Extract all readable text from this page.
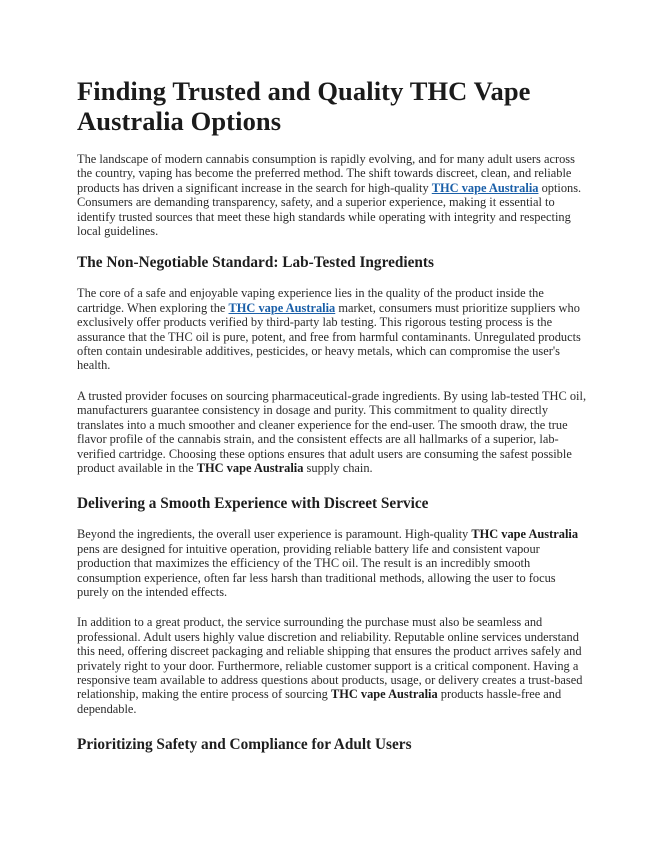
Finding Trusted and Quality THC Vape Australia Options

The landscape of modern cannabis consumption is rapidly evolving, and for many adult users across the country, vaping has become the preferred method. The shift towards discreet, clean, and reliable products has driven a significant increase in the search for high-quality THC vape Australia options. Consumers are demanding transparency, safety, and a superior experience, making it essential to identify trusted sources that meet these high standards while operating with integrity and respecting local guidelines.

The Non-Negotiable Standard: Lab-Tested Ingredients

The core of a safe and enjoyable vaping experience lies in the quality of the product inside the cartridge. When exploring the THC vape Australia market, consumers must prioritize suppliers who exclusively offer products verified by third-party lab testing. This rigorous testing process is the assurance that the THC oil is pure, potent, and free from harmful contaminants. Unregulated products often contain undesirable additives, pesticides, or heavy metals, which can compromise the user's health.

A trusted provider focuses on sourcing pharmaceutical-grade ingredients. By using lab-tested THC oil, manufacturers guarantee consistency in dosage and purity. This commitment to quality directly translates into a much smoother and cleaner experience for the end-user. The smooth draw, the true flavor profile of the cannabis strain, and the consistent effects are all hallmarks of a superior, lab-verified cartridge. Choosing these options ensures that adult users are consuming the safest possible product available in the THC vape Australia supply chain.

Delivering a Smooth Experience with Discreet Service

Beyond the ingredients, the overall user experience is paramount. High-quality THC vape Australia pens are designed for intuitive operation, providing reliable battery life and consistent vapour production that maximizes the efficiency of the THC oil. The result is an incredibly smooth consumption experience, often far less harsh than traditional methods, allowing the user to focus purely on the intended effects.

In addition to a great product, the service surrounding the purchase must also be seamless and professional. Adult users highly value discretion and reliability. Reputable online services understand this need, offering discreet packaging and reliable shipping that ensures the product arrives safely and privately right to your door. Furthermore, reliable customer support is a critical component. Having a responsive team available to address questions about products, usage, or delivery creates a trust-based relationship, making the entire process of sourcing THC vape Australia products hassle-free and dependable.

Prioritizing Safety and Compliance for Adult Users
